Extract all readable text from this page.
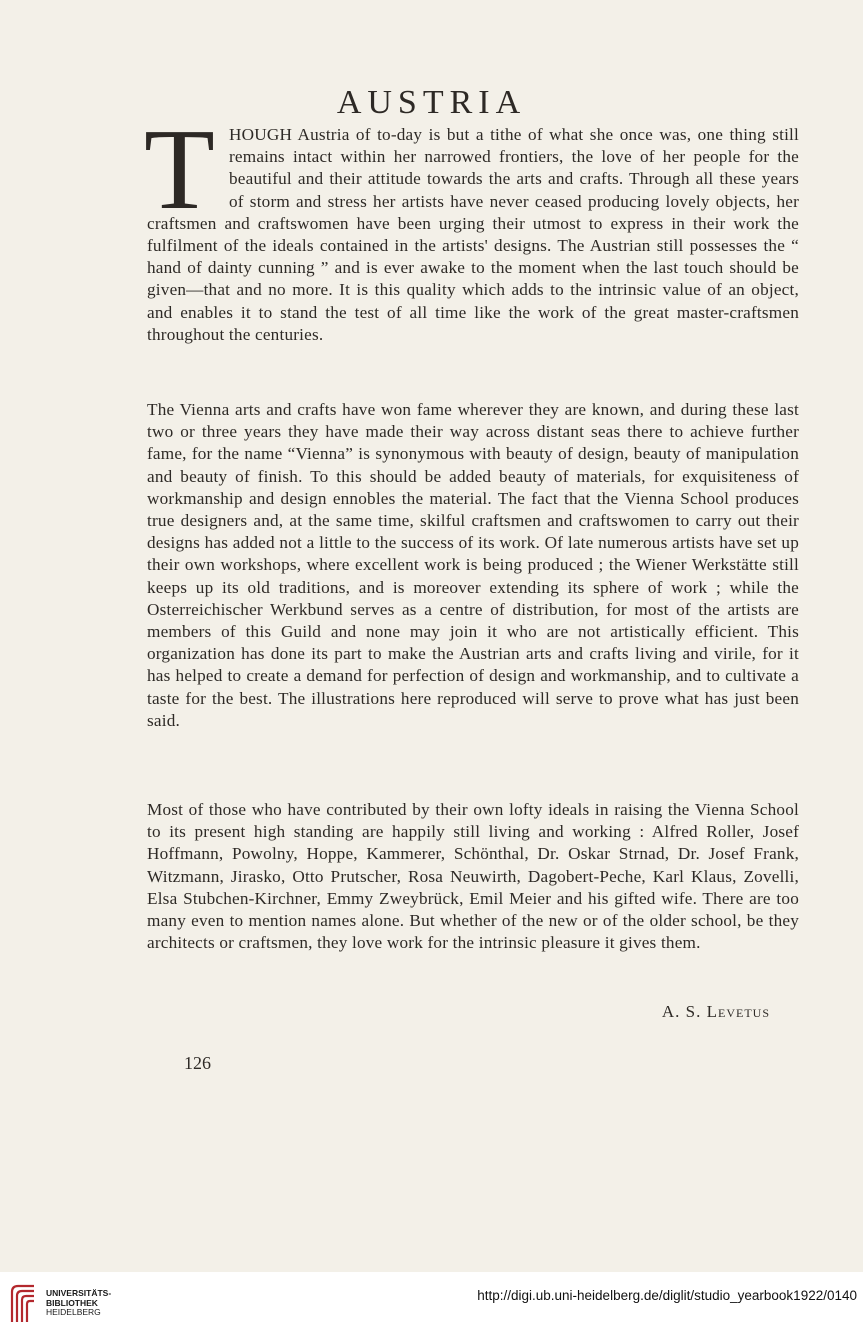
AUSTRIA
T HOUGH Austria of to-day is but a tithe of what she once was, one thing still remains intact within her narrowed frontiers, the love of her people for the beautiful and their attitude towards the arts and crafts. Through all these years of storm and stress her artists have never ceased producing lovely objects, her craftsmen and craftswomen have been urging their utmost to express in their work the fulfilment of the ideals contained in the artists' designs. The Austrian still possesses the “ hand of dainty cunning ” and is ever awake to the moment when the last touch should be given—that and no more. It is this quality which adds to the intrinsic value of an object, and enables it to stand the test of all time like the work of the great master-craftsmen throughout the centuries.

The Vienna arts and crafts have won fame wherever they are known, and during these last two or three years they have made their way across distant seas there to achieve further fame, for the name “Vienna” is synonymous with beauty of design, beauty of manipulation and beauty of finish. To this should be added beauty of materials, for exquisiteness of workmanship and design ennobles the material. The fact that the Vienna School produces true designers and, at the same time, skilful craftsmen and craftswomen to carry out their designs has added not a little to the success of its work. Of late numerous artists have set up their own workshops, where excellent work is being produced ; the Wiener Werkstätte still keeps up its old traditions, and is moreover extending its sphere of work ; while the Osterreichischer Werkbund serves as a centre of distribution, for most of the artists are members of this Guild and none may join it who are not artistically efficient. This organization has done its part to make the Austrian arts and crafts living and virile, for it has helped to create a demand for perfection of design and workmanship, and to cultivate a taste for the best. The illustrations here reproduced will serve to prove what has just been said.

Most of those who have contributed by their own lofty ideals in raising the Vienna School to its present high standing are happily still living and working : Alfred Roller, Josef Hoffmann, Powolny, Hoppe, Kammerer, Schönthal, Dr. Oskar Strnad, Dr. Josef Frank, Witzmann, Jirasko, Otto Prutscher, Rosa Neuwirth, Dagobert-Peche, Karl Klaus, Zovelli, Elsa Stubchen-Kirchner, Emmy Zweybrück, Emil Meier and his gifted wife. There are too many even to mention names alone. But whether of the new or of the older school, be they architects or craftsmen, they love work for the intrinsic pleasure it gives them.

A. S. Levetus
126
UNIVERSITÄTS-
BIBLIOTHEK
HEIDELBERG
http://digi.ub.uni-heidelberg.de/diglit/studio_yearbook1922/0140
